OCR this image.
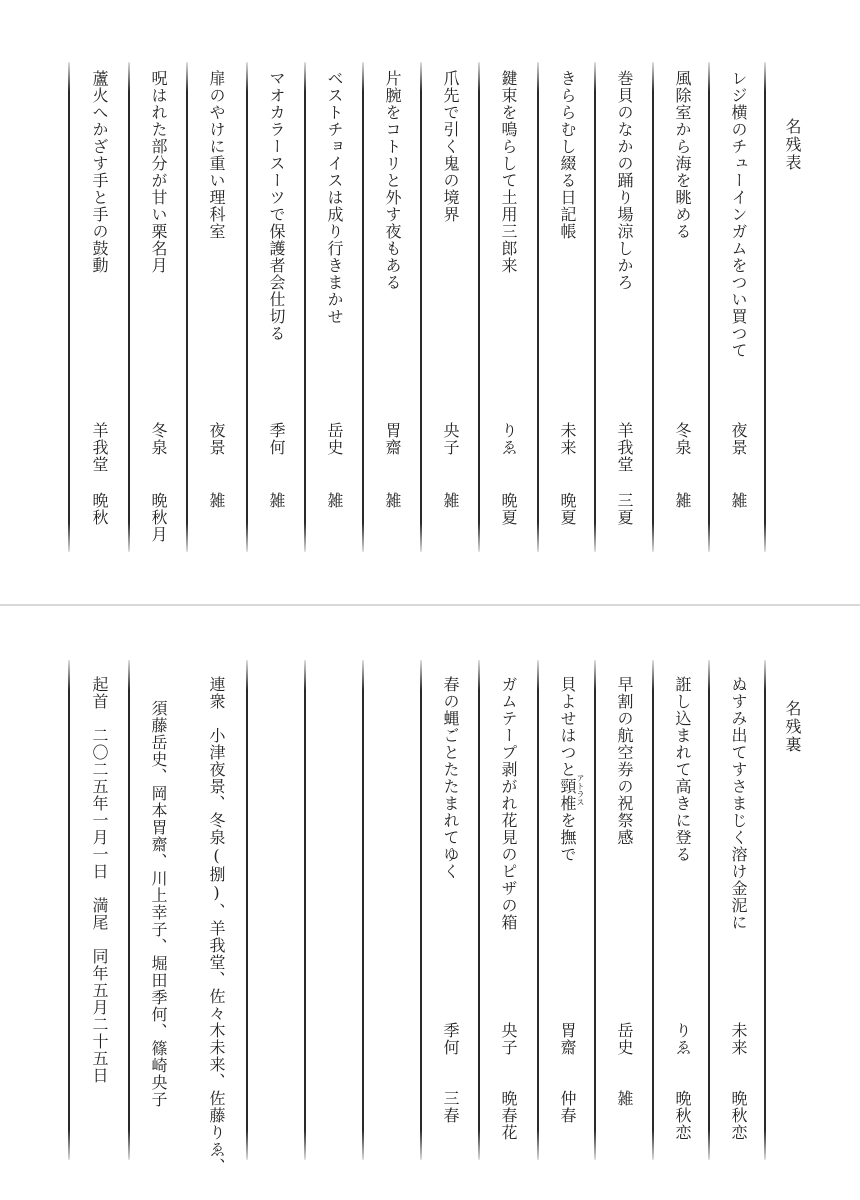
名残表
レジ横のチューインガムをつい買つて
夜景
雑
風除室から海を眺める
冬泉
雑
巻貝のなかの踊り場涼しかろ
羊我堂
三夏
きららむし綴る日記帳
未来
晩夏
鍵束を鳴らして土用三郎来
りゑ
晩夏
爪先で引く鬼の境界
央子
雑
片腕をコトリと外す夜もある
胃齋
雑
ベストチョイスは成り行きまかせ
岳史
雑
マオカラースーツで保護者会仕切る
季何
雑
扉のやけに重い理科室
夜景
雑
呪はれた部分が甘い栗名月
冬泉
晩秋月
蘆火へかざす手と手の鼓動
羊我堂
晩秋
名残裏
ぬすみ出てすさまじく溶け金泥に
未来
晩秋恋
誑し込まれて高きに登る
りゑ
晩秋恋
早割の航空券の祝祭感
岳史
雑
貝よせはつと頸椎を撫で
アトラス
胃齋
仲春
ガムテープ剥がれ花見のピザの箱
央子
晩春花
春の蝿ごとたたまれてゆく
季何
三春
連衆　小津夜景、冬泉(捌)、羊我堂、佐々木未来、佐藤りゑ、
須藤岳史、岡本胃齋、川上幸子、堀田季何、篠崎央子
起首　二〇二五年一月一日　満尾　同年五月二十五日
